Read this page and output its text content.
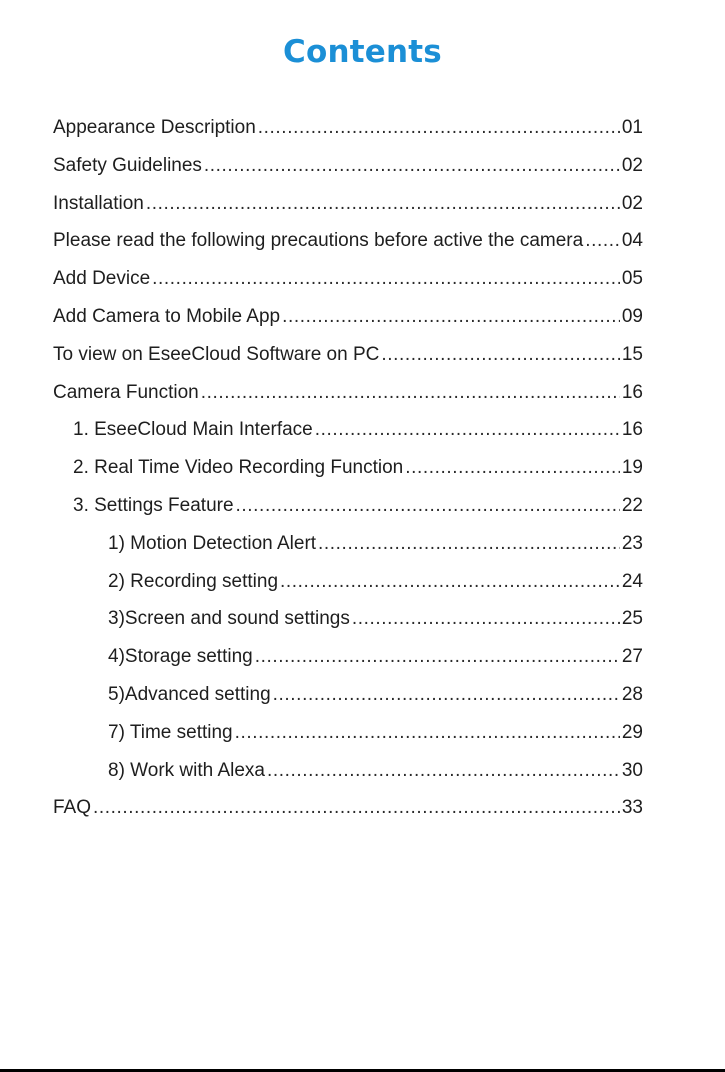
Contents
Appearance Description .....	01
Safety Guidelines .....	02
Installation .....	02
Please read the following precautions before active the camera ..... 04
Add Device .....	05
Add Camera to Mobile App .....	09
To view on EseeCloud Software on PC .....	15
Camera Function .....	16
1. EseeCloud Main Interface .....	16
2. Real Time Video Recording Function .....	19
3. Settings Feature .....	22
1) Motion Detection Alert .....	23
2) Recording setting .....	24
3)Screen and sound settings .....	25
4)Storage setting .....	27
5)Advanced setting .....	28
7) Time setting .....	29
8) Work with Alexa .....	30
FAQ .....	33
